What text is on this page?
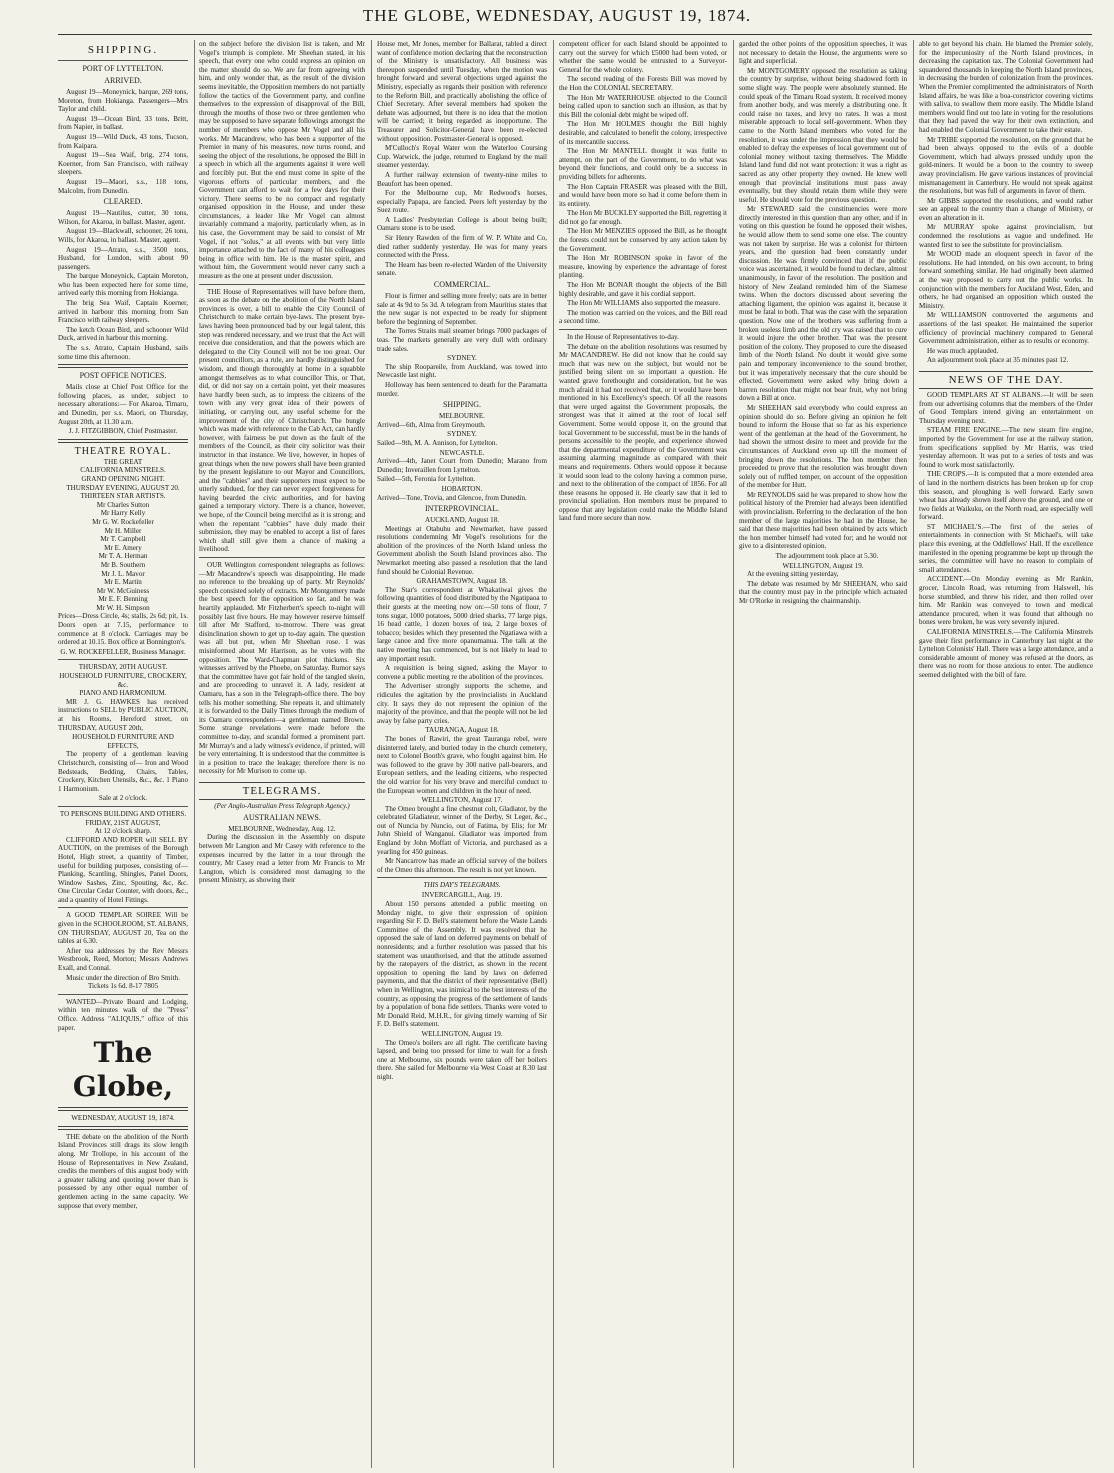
THE GLOBE, WEDNESDAY, AUGUST 19, 1874.
SHIPPING.
PORT OF LYTTELTON.
ARRIVED.

August 19—Moneynick, barque, 269 tons, Moreton, from Hokianga. Passengers—Mrs Taylor and child.

August 19—Ocean Bird, 33 tons, Britt, from Napier, in ballast.

August 19—Wild Duck, 43 tons, Tucson, from Kaipara.

August 19—Sea Waif, brig, 274 tons, Koerner, from San Francisco, with railway sleepers.

August 19—Maori, s.s., 118 tons, Malcolm, from Dunedin.

CLEARED.

August 19—Nautilus, cutter, 30 tons, Wilson, for Akaroa, in ballast. Master, agent.

August 19—Blackwall, schooner, 26 tons, Wills, for Akaroa, in ballast. Master, agent.

August 19—Atrato, s.s., 3500 tons, Husband, for London, with about 90 passengers.

The barque Moneynick, Captain Moreton, who has been expected here for some time, arrived early this morning from Hokianga.

The brig Sea Waif, Captain Koerner, arrived in harbour this morning from San Francisco with railway sleepers.

The ketch Ocean Bird, and schooner Wild Duck, arrived in harbour this morning.

The s.s. Atrato, Captain Husband, sails some time this afternoon.

POST OFFICE NOTICES.

Mails close at Chief Post Office for the following places, as under, subject to necessary alterations:— For Akaroa, Timaru, and Dunedin, per s.s. Maori, on Thursday, August 20th, at 11.30 a.m.

J. J. FITZGIBBON, Chief Postmaster.
THEATRE ROYAL.
THE GREAT
CALIFORNIA MINSTRELS.
GRAND OPENING NIGHT.
THURSDAY EVENING, AUGUST 20.
THIRTEEN STAR ARTISTS.
Mr Charles Sutton
Mr Harry Kelly
Mr G. W. Rockefeller
Mr H. Miller
Mr T. Campbell
Mr E. Amery
Mr T. A. Herman
Mr B. Southern
Mr J. L. Mavor
Mr E. Martin
Mr W. McGuiness
Mr E. F. Benning
Mr W. H. Simpson

Prices—Dress Circle, 4s; stalls, 2s 6d; pit, 1s. Doors open at 7.15, performance to commence at 8 o'clock. Carriages may be ordered at 10.15. Box office at Bonnington's.

G. W. ROCKEFELLER, Business Manager.
THURSDAY, 20TH AUGUST.
HOUSEHOLD FURNITURE, CROCKERY, &c.
PIANO AND HARMONIUM.

MR J. G. HAWKES has received instructions to SELL by PUBLIC AUCTION, at his Rooms, Hereford street, on THURSDAY, AUGUST 20th,

HOUSEHOLD FURNITURE AND EFFECTS,

The property of a gentleman leaving Christchurch, consisting of— Iron and Wood Bedsteads, Bedding, Chairs, Tables, Crockery, Kitchen Utensils, &c., &c. 1 Piano 1 Harmonium.

Sale at 2 o'clock.
TO PERSONS BUILDING AND OTHERS.
FRIDAY, 21ST AUGUST,
At 12 o'clock sharp.

CLIFFORD AND ROPER will SELL BY AUCTION, on the premises of the Borough Hotel, High street, a quantity of Timber, useful for building purposes, consisting of— Planking, Scantling, Shingles, Panel Doors, Window Sashes, Zinc, Spouting, &c, &c. One Circular Cedar Counter, with doors, &c., and a quantity of Hotel Fittings.

A GOOD TEMPLAR SOIREE Will be given in the SCHOOLROOM, ST. ALBANS, ON THURSDAY, AUGUST 20, Tea on the tables at 6.30.

After tea addresses by the Rev Messrs Westbrook, Reed, Morton; Messrs Andrews Exall, and Connal.

Music under the direction of Bro Smith.
Tickets 1s 6d. 8-17 7805

WANTED—Private Board and Lodging, within ten minutes walk of the "Press" Office. Address "ALIQUIS," office of this paper.

The Globe,
WEDNESDAY, AUGUST 19, 1874.

THE debate on the abolition of the North Island Provinces still drags its slow length along. Mr Trollope, in his account of the House of Representatives in New Zealand, credits the members of this august body with a greater talking and quoting power than is possessed by any other equal number of gentlemen acting in the same capacity. We suppose that every member,

on the subject before the division list is taken, and Mr Vogel's triumph is complete. Mr Sheehan stated, in his speech, that every one who could express an opinion on the matter should do so. We are far from agreeing with him, and only wonder that, as the result of the division seems inevitable, the Opposition members do not partially follow the tactics of the Government party, and confine themselves to the expression of disapproval of the Bill, through the mouths of those two or three gentlemen who may be supposed to have separate followings amongst the number of members who oppose Mr Vogel and all his works. Mr Macandrew, who has been a supporter of the Premier in many of his measures, now turns round, and seeing the object of the resolutions, he opposed the Bill in a speech in which all the arguments against it were well and forcibly put. But the end must come in spite of the vigorous efforts of particular members, and the Government can afford to wait for a few days for their victory. There seems to be no compact and regularly organised opposition in the House, and under these circumstances, a leader like Mr Vogel can almost invariably command a majority, particularly when, as in his case, the Government may be said to consist of Mr Vogel, if not "solus," at all events with but very little importance attached to the fact of many of his colleagues being in office with him. He is the master spirit, and without him, the Government would never carry such a measure as the one at present under discussion.

THE House of Representatives will have before them, as soon as the debate on the abolition of the North Island provinces is over, a bill to enable the City Council of Christchurch to make certain bye-laws. The present bye-laws having been pronounced bad by our legal talent, this step was rendered necessary, and we trust that the Act will receive due consideration, and that the powers which are delegated to the City Council will not be too great. Our present councillors, as a rule, are hardly distinguished for wisdom, and though thoroughly at home in a squabble amongst themselves as to what councillor This, or That, did, or did not say on a certain point, yet their measures have hardly been such, as to impress the citizens of the town with any very great idea of their powers of initiating, or carrying out, any useful scheme for the improvement of the city of Christchurch. The bungle which was made with reference to the Cab Act, can hardly however, with fairness be put down as the fault of the members of the Council, as their city solicitor was their instructor in that instance. We live, however, in hopes of great things when the new powers shall have been granted by the present legislature to our Mayor and Councillors, and the "cabbies" and their supporters must expect to be utterly subdued, for they can never expect forgiveness for having bearded the civic authorities, and for having gained a temporary victory. There is a chance, however, we hope, of the Council being merciful as it is strong; and when the repentant "cabbies" have duly made their submission, they may be enabled to accept a list of fares which shall still give them a chance of making a livelihood.

OUR Wellington correspondent telegraphs as follows:—Mr Macandrew's speech was disappointing. He made no reference to the breaking up of party. Mr Reynolds' speech consisted solely of extracts. Mr Montgomery made the best speech for the opposition so far, and he was heartily applauded. Mr Fitzherbert's speech to-night will possibly last five hours. He may however reserve himself till after Mr Stafford, to-morrow. There was great disinclination shown to get up to-day again. The question was all but put, when Mr Sheehan rose. I was misinformed about Mr Harrison, as he votes with the opposition. The Ward-Chapman plot thickens. Six witnesses arrived by the Phoebe, on Saturday. Rumor says that the committee have got fair hold of the tangled skein, and are proceeding to unravel it. A lady, resident at Oamaru, has a son in the Telegraph-office there. The boy tells his mother something. She repeats it, and ultimately it is forwarded to the Daily Times through the medium of its Oamaru correspondent—a gentleman named Brown. Some strange revelations were made before the committee to-day, and scandal formed a prominent part. Mr Murray's and a lady witness's evidence, if printed, will be very entertaining. It is understood that the committee is in a position to trace the leakage; therefore there is no necessity for Mr Murison to come up.

TELEGRAMS.
(Per Anglo-Australian Press Telegraph Agency.)
AUSTRALIAN NEWS.
MELBOURNE, Wednesday, Aug. 12.

During the discussion in the Assembly on dispute between Mr Langton and Mr Casey with reference to the expenses incurred by the latter in a tour through the country, Mr Casey read a letter from Mr Francis to Mr Langton, which is considered most damaging to the present Ministry, as showing their

House met, Mr Jones, member for Ballarat, tabled a direct want of confidence motion declaring that the reconstruction of the Ministry is unsatisfactory. All business was thereupon suspended until Tuesday, when the motion was brought forward and several objections urged against the Ministry, especially as regards their position with reference to the Reform Bill, and practically abolishing the office of Chief Secretary. After several members had spoken the debate was adjourned, but there is no idea that the motion will be carried; it being regarded as inopportune. The Treasurer and Solicitor-General have been re-elected without opposition. Postmaster-General is opposed.

M'Culloch's Royal Water won the Waterloo Coursing Cup. Warwick, the judge, returned to England by the mail steamer yesterday.

A further railway extension of twenty-nine miles to Beaufort has been opened.

For the Melbourne cup, Mr Redwood's horses, especially Papapa, are fancied. Peers left yesterday by the Suez route.

A Ladies' Presbyterian College is about being built; Oamaru stone is to be used.

Sir Henry Rawden of the firm of W. P. White and Co, died rather suddenly yesterday. He was for many years connected with the Press.

The Hearn has been re-elected Warden of the University senate.

COMMERCIAL.

Flour is firmer and selling more freely; oats are in better sale at 4s 9d to 5s 3d. A telegram from Mauritius states that the new sugar is not expected to be ready for shipment before the beginning of September.

The Torres Straits mail steamer brings 7000 packages of teas. The markets generally are very dull with ordinary trade sales.

SYDNEY.

The ship Roopareile, from Auckland, was towed into Newcastle last night.

Holloway has been sentenced to death for the Paramatta murder.

SHIPPING.
MELBOURNE.

Arrived—6th, Alma from Greymouth.

SYDNEY.

Sailed—9th, M. A. Annison, for Lyttelton.

NEWCASTLE.

Arrived—4th, Janet Court from Dunedin; Marano from Dunedin; Inveraillen from Lyttelton.

Sailed—5th, Feronia for Lyttelton.

HOBARTON.

Arrived—Tone, Trovia, and Glencoe, from Dunedin.

INTERPROVINCIAL.
AUCKLAND, August 18.

Meetings at Otahuhu and Newmarket, have passed resolutions condemning Mr Vogel's resolutions for the abolition of the provinces of the North Island unless the Government abolish the South Island provinces also. The Newmarket meeting also passed a resolution that the land fund should be Colonial Revenue.

GRAHAMSTOWN, August 18.

The Star's correspondent at Whakatiwai gives the following quantities of food distributed by the Ngatipaoa to their guests at the meeting now on:—50 tons of flour, 7 tons sugar, 1000 potatoes, 5000 dried sharks, 77 large pigs, 16 head cattle, 1 dozen boxes of tea, 2 large boxes of tobacco; besides which they presented the Ngatiawa with a large canoe and five more opanumanua. The talk at the native meeting has commenced, but is not likely to lead to any important result.

A requisition is being signed, asking the Mayor to convene a public meeting re the abolition of the provinces.

The Advertiser strongly supports the scheme, and ridicules the agitation by the provincialists in Auckland city. It says they do not represent the opinion of the majority of the province, and that the people will not be led away by false party cries.

TAURANGA, August 18.

The bones of Rawiri, the great Tauranga rebel, were disinterred lately, and buried today in the church cemetery, next to Colonel Booth's grave, who fought against him. He was followed to the grave by 300 native pall-bearers, and European settlers, and the leading citizens, who respected the old warrior for his very brave and merciful conduct to the European women and children in the hour of need.

WELLINGTON, August 17.

The Omeo brought a fine chestnut colt, Gladiator, by the celebrated Gladiateur, winner of the Derby, St Leger, &c., out of Nuncia by Nuncio, out of Fatima, by Elis; for Mr John Shield of Wanganui. Gladiator was imported from England by John Moffatt of Victoria, and purchased as a yearling for 450 guineas.

Mr Nancarrow has made an official survey of the boilers of the Omeo this afternoon. The result is not yet known.

THIS DAY'S TELEGRAMS.
INVERCARGILL, Aug. 19.

About 150 persons attended a public meeting on Monday night, to give their expression of opinion regarding Sir F. D. Bell's statement before the Waste Lands Committee of the Assembly. It was resolved that he opposed the sale of land on deferred payments on behalf of nonresidents; and a further resolution was passed that his statement was unauthorised, and that the attitude assumed by the ratepayers of the district, as shown in the recent opposition to opening the land by laws on deferred payments, and that the district of their representative (Bell) when in Wellington, was inimical to the best interests of the country, as opposing the progress of the settlement of lands by a population of bona fide settlers. Thanks were voted to Mr Donald Reid, M.H.R., for giving timely warning of Sir F. D. Bell's statement.

WELLINGTON, August 19.

The Omeo's boilers are all right. The certificate having lapsed, and being too pressed for time to wait for a fresh one at Melbourne, six pounds were taken off her boilers there. She sailed for Melbourne via West Coast at 8.30 last night.

competent officer for each Island should be appointed to carry out the survey for which £5000 had been voted, or whether the same would be entrusted to a Surveyor-General for the whole colony.

The second reading of the Forests Bill was moved by the Hon the COLONIAL SECRETARY.

The Hon Mr WATERHOUSE objected to the Council being called upon to sanction such an illusion, as that by this Bill the colonial debt might be wiped off.

The Hon Mr HOLMES thought the Bill highly desirable, and calculated to benefit the colony, irrespective of its mercantile success.

The Hon Mr MANTELL thought it was futile to attempt, on the part of the Government, to do what was beyond their functions, and could only be a success in providing billets for adherents.

The Hon Captain FRASER was pleased with the Bill, and would have been more so had it come before them in its entirety.

The Hon Mr BUCKLEY supported the Bill, regretting it did not go far enough.

The Hon Mr MENZIES opposed the Bill, as he thought the forests could not be conserved by any action taken by the Government.

The Hon Mr ROBINSON spoke in favor of the measure, knowing by experience the advantage of forest planting.

The Hon Mr BONAR thought the objects of the Bill highly desirable, and gave it his cordial support.

The Hon Mr WILLIAMS also supported the measure.

The motion was carried on the voices, and the Bill read a second time.

In the House of Representatives to-day.

The debate on the abolition resolutions was resumed by Mr MACANDREW. He did not know that he could say much that was new on the subject, but would not be justified being silent on so important a question. He wanted grave forethought and consideration, but he was much afraid it had not received that, or it would have been mentioned in his Excellency's speech. Of all the reasons that were urged against the Government proposals, the strongest was that it aimed at the root of local self Government. Some would oppose it, on the ground that local Government to be successful, must be in the hands of persons accessible to the people, and experience showed that the departmental expenditure of the Government was assuming alarming magnitude as compared with their means and requirements. Others would oppose it because it would soon lead to the colony having a common purse, and next to the obliteration of the compact of 1856. For all these reasons he opposed it. He clearly saw that it led to provincial spoliation. Hon members must be prepared to oppose that any legislation could make the Middle Island land fund more secure than now.

garded the other points of the opposition speeches, it was not necessary to detain the House, the arguments were so light and superficial.

Mr MONTGOMERY opposed the resolution as taking the country by surprise, without being shadowed forth in some slight way. The people were absolutely stunned. He could speak of the Timaru Road system. It received money from another body, and was merely a distributing one. It could raise no taxes, and levy no rates. It was a most miserable approach to local self-government. When they came to the North Island members who voted for the resolution, it was under the impression that they would be enabled to defray the expenses of local government out of colonial money without taxing themselves. The Middle Island land fund did not want protection: it was a right as sacred as any other property they owned. He knew well enough that provincial institutions must pass away eventually, but they should retain them while they were useful. He should vote for the previous question.

Mr STEWARD said the constituencies were more directly interested in this question than any other, and if in voting on this question he found he opposed their wishes, he would allow them to send some one else. The country was not taken by surprise. He was a colonist for thirteen years, and the question had been constantly under discussion. He was firmly convinced that if the public voice was ascertained, it would be found to declare, almost unanimously, in favor of the resolution. The position and history of New Zealand reminded him of the Siamese twins. When the doctors discussed about severing the attaching ligament, the opinion was against it, because it must be fatal to both. That was the case with the separation question. Now one of the brothers was suffering from a broken useless limb and the old cry was raised that to cure it would injure the other brother. That was the present position of the colony. They proposed to cure the diseased limb of the North Island. No doubt it would give some pain and temporary inconvenience to the sound brother, but it was imperatively necessary that the cure should be effected. Government were asked why bring down a barren resolution that might not bear fruit, why not bring down a Bill at once.

Mr SHEEHAN said everybody who could express an opinion should do so. Before giving an opinion he felt bound to inform the House that so far as his experience went of the gentleman at the head of the Government, he had shown the utmost desire to meet and provide for the circumstances of Auckland even up till the moment of bringing down the resolutions. The hon member then proceeded to prove that the resolution was brought down solely out of ruffled temper, on account of the opposition of the member for Hutt.

Mr REYNOLDS said he was prepared to show how the political history of the Premier had always been identified with provincialism. Referring to the declaration of the hon member of the large majorities he had in the House, he said that these majorities had been obtained by acts which the hon member himself had voted for; and he would not give to a disinterested opinion.

The adjournment took place at 5.30.

WELLINGTON, August 19.

At the evening sitting yesterday,

The debate was resumed by Mr SHEEHAN, who said that the country must pay in the principle which actuated Mr O'Rorke in resigning the chairmanship.

able to get beyond his chain. He blamed the Premier solely, for the impecuniosity of the North Island provinces, in decreasing the capitation tax. The Colonial Government had squandered thousands in keeping the North Island provinces, in decreasing the burden of colonization from the provinces. When the Premier complimented the administrators of North Island affairs, he was like a boa-constrictor covering victims with saliva, to swallow them more easily. The Middle Island members would find out too late in voting for the resolutions that they had paved the way for their own extinction, and had enabled the Colonial Government to take their estate.

Mr TRIBE supported the resolution, on the ground that he had been always opposed to the evils of a double Government, which had always pressed unduly upon the gold-miners. It would be a boon to the country to sweep away provincialism. He gave various instances of provincial mismanagement in Canterbury. He would not speak against the resolutions, but was full of arguments in favor of them.

Mr GIBBS supported the resolutions, and would rather see an appeal to the country than a change of Ministry, or even an alteration in it.

Mr MURRAY spoke against provincialism, but condemned the resolutions as vague and undefined. He wanted first to see the substitute for provincialism.

Mr WOOD made an eloquent speech in favor of the resolutions. He had intended, on his own account, to bring forward something similar. He had originally been alarmed at the way proposed to carry out the public works. In conjunction with the members for Auckland West, Eden, and others, he had organised an opposition which ousted the Ministry.

Mr WILLIAMSON controverted the arguments and assertions of the last speaker. He maintained the superior efficiency of provincial machinery compared to General Government administration, either as to results or economy.

He was much applauded.

An adjournment took place at 35 minutes past 12.

NEWS OF THE DAY.

GOOD TEMPLARS AT ST ALBANS.—It will be seen from our advertising columns that the members of the Order of Good Templars intend giving an entertainment on Thursday evening next.

STEAM FIRE ENGINE.—The new steam fire engine, imported by the Government for use at the railway station, from specifications supplied by Mr Harris, was tried yesterday afternoon. It was put to a series of tests and was found to work most satisfactorily.

THE CROPS.—It is computed that a more extended area of land in the northern districts has been broken up for crop this season, and ploughing is well forward. Early sown wheat has already shown itself above the ground, and one or two fields at Waikuku, on the North road, are especially well forward.

ST MICHAEL'S.—The first of the series of entertainments in connection with St Michael's, will take place this evening, at the Oddfellows' Hall. If the excellence manifested in the opening programme be kept up through the series, the committee will have no reason to complain of small attendances.

ACCIDENT.—On Monday evening as Mr Rankin, grocer, Lincoln Road, was returning from Halswell, his horse stumbled, and threw his rider, and then rolled over him. Mr Rankin was conveyed to town and medical attendance procured, when it was found that although no bones were broken, he was very severely injured.

CALIFORNIA MINSTRELS.—The California Minstrels gave their first performance in Canterbury last night at the Lyttelton Colonists' Hall. There was a large attendance, and a considerable amount of money was refused at the doors, as there was no room for those anxious to enter. The audience seemed delighted with the bill of fare.
